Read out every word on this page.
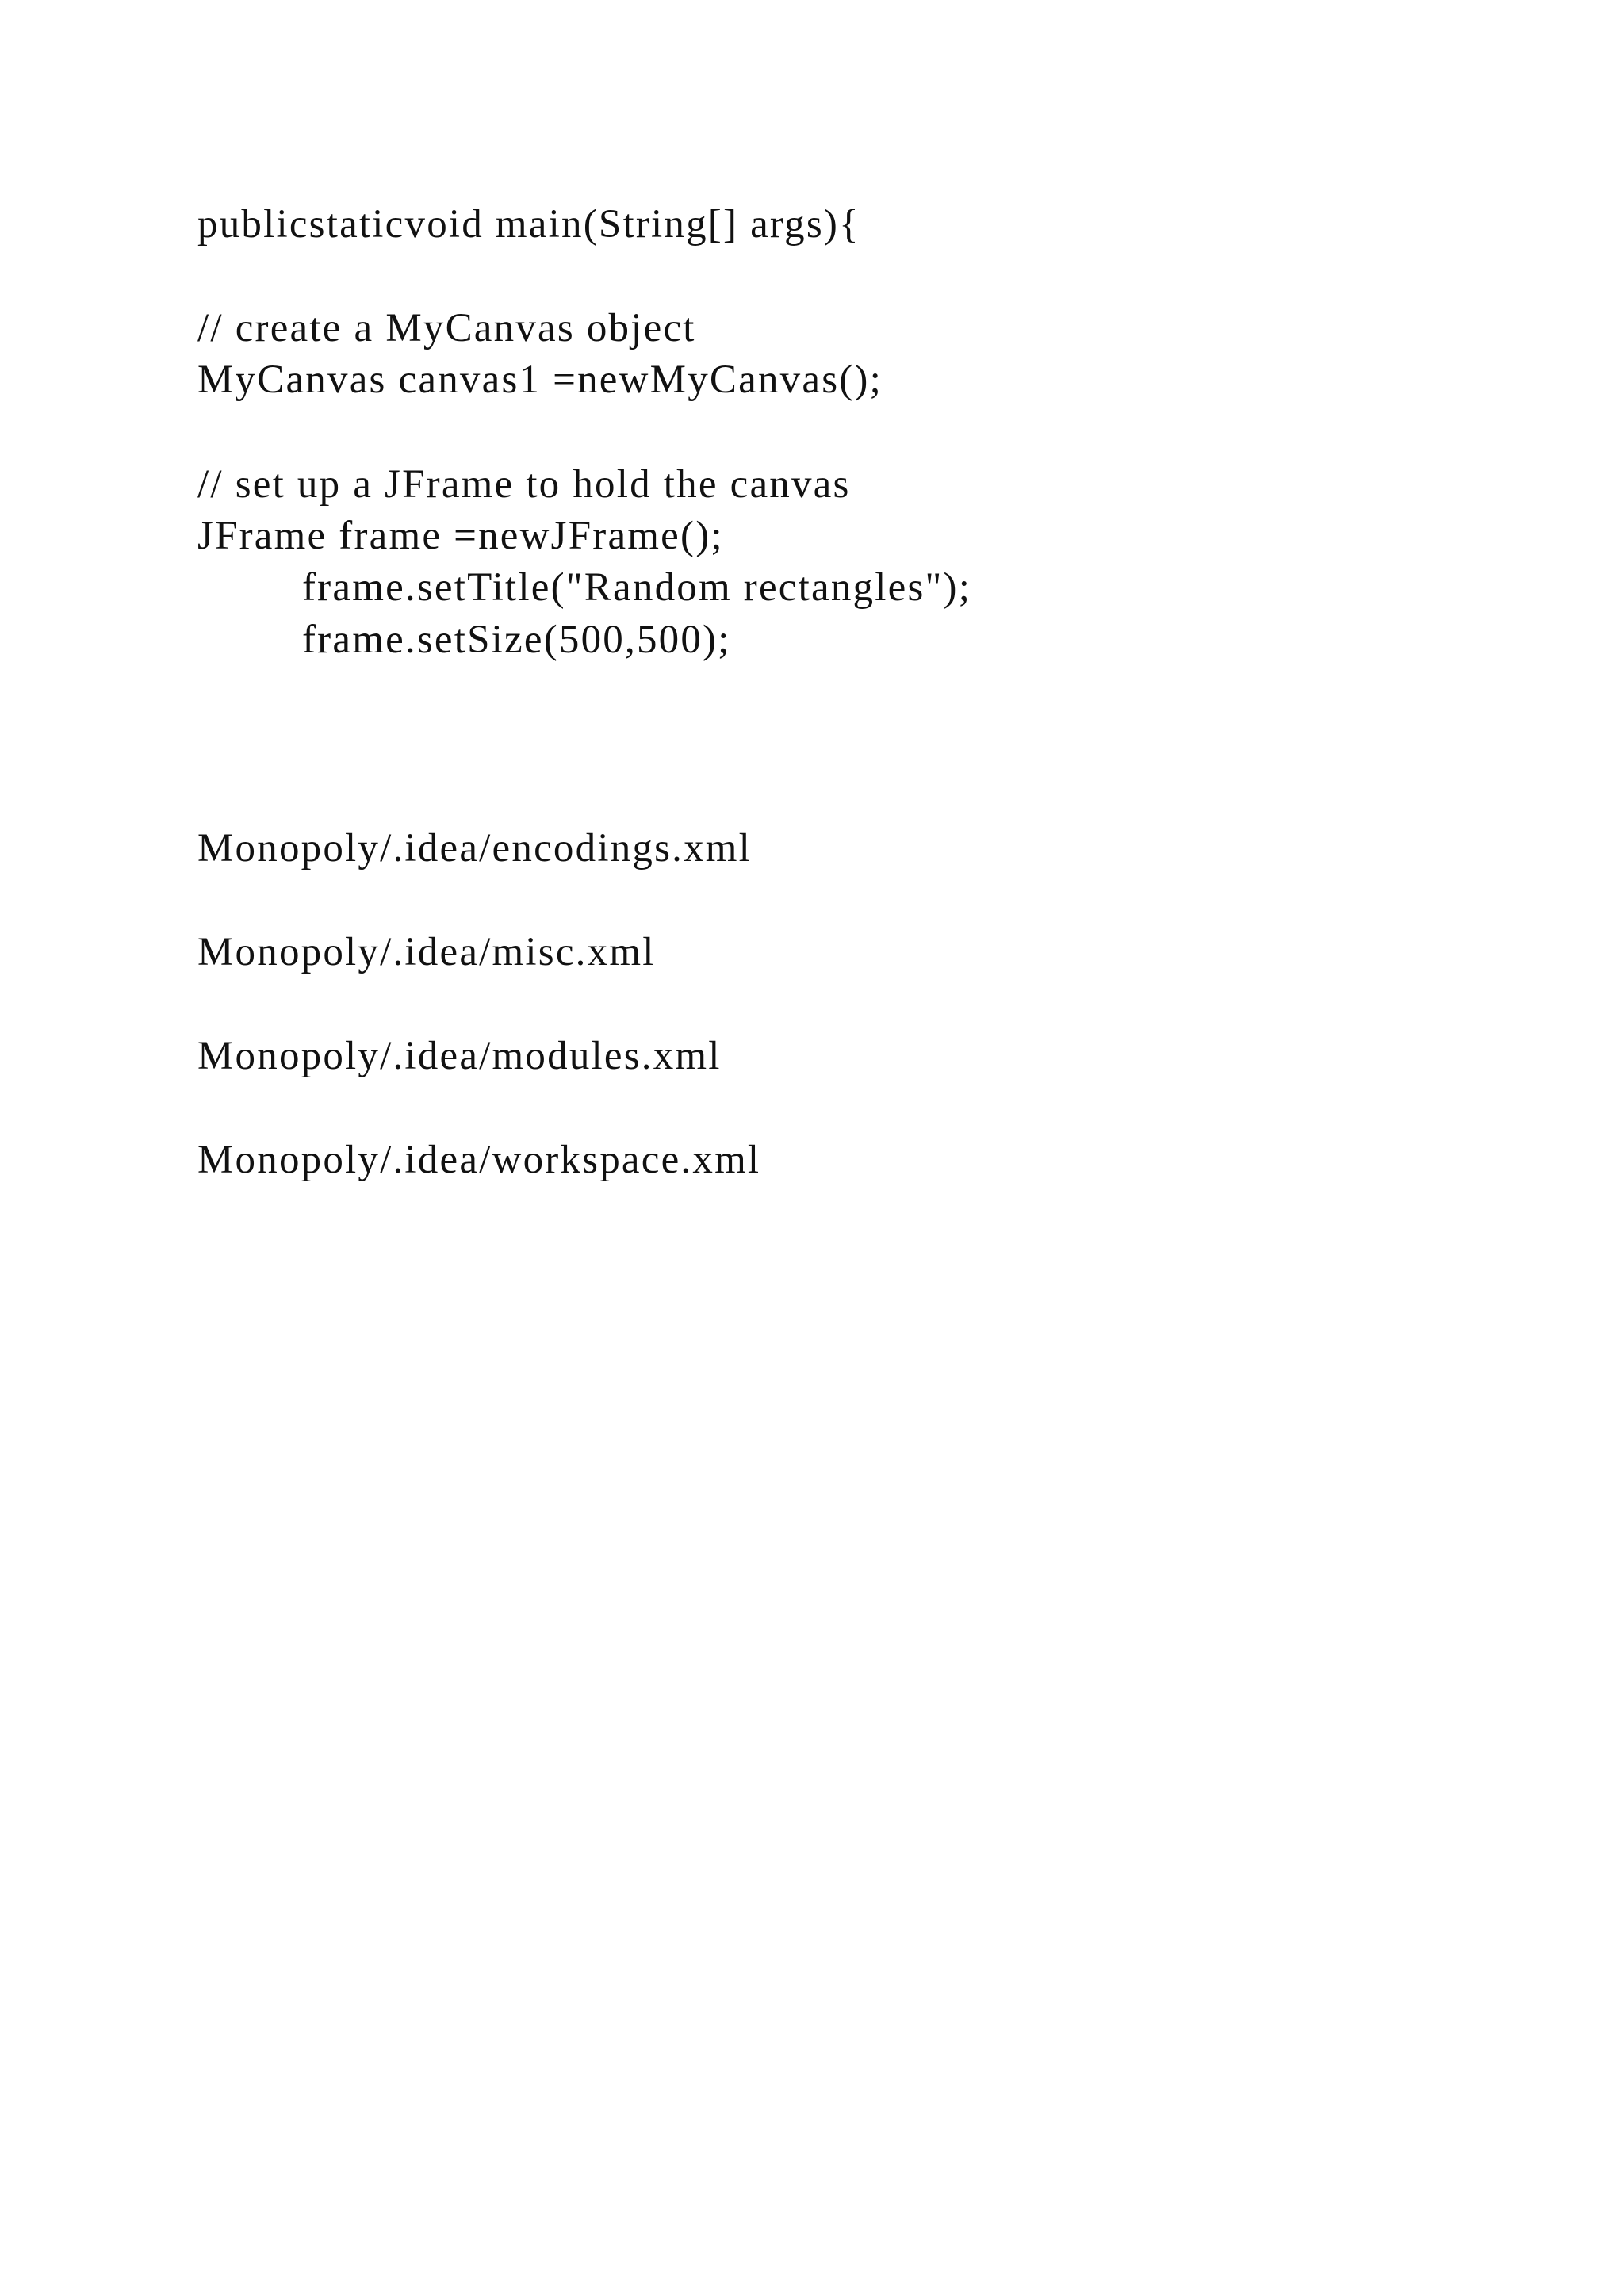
publicstaticvoid main(String[] args){
// create a MyCanvas object
MyCanvas canvas1 =newMyCanvas();
// set up a JFrame to hold the canvas
JFrame frame =newJFrame();
frame.setTitle("Random rectangles");
frame.setSize(500,500);
Monopoly/.idea/encodings.xml
Monopoly/.idea/misc.xml
Monopoly/.idea/modules.xml
Monopoly/.idea/workspace.xml
